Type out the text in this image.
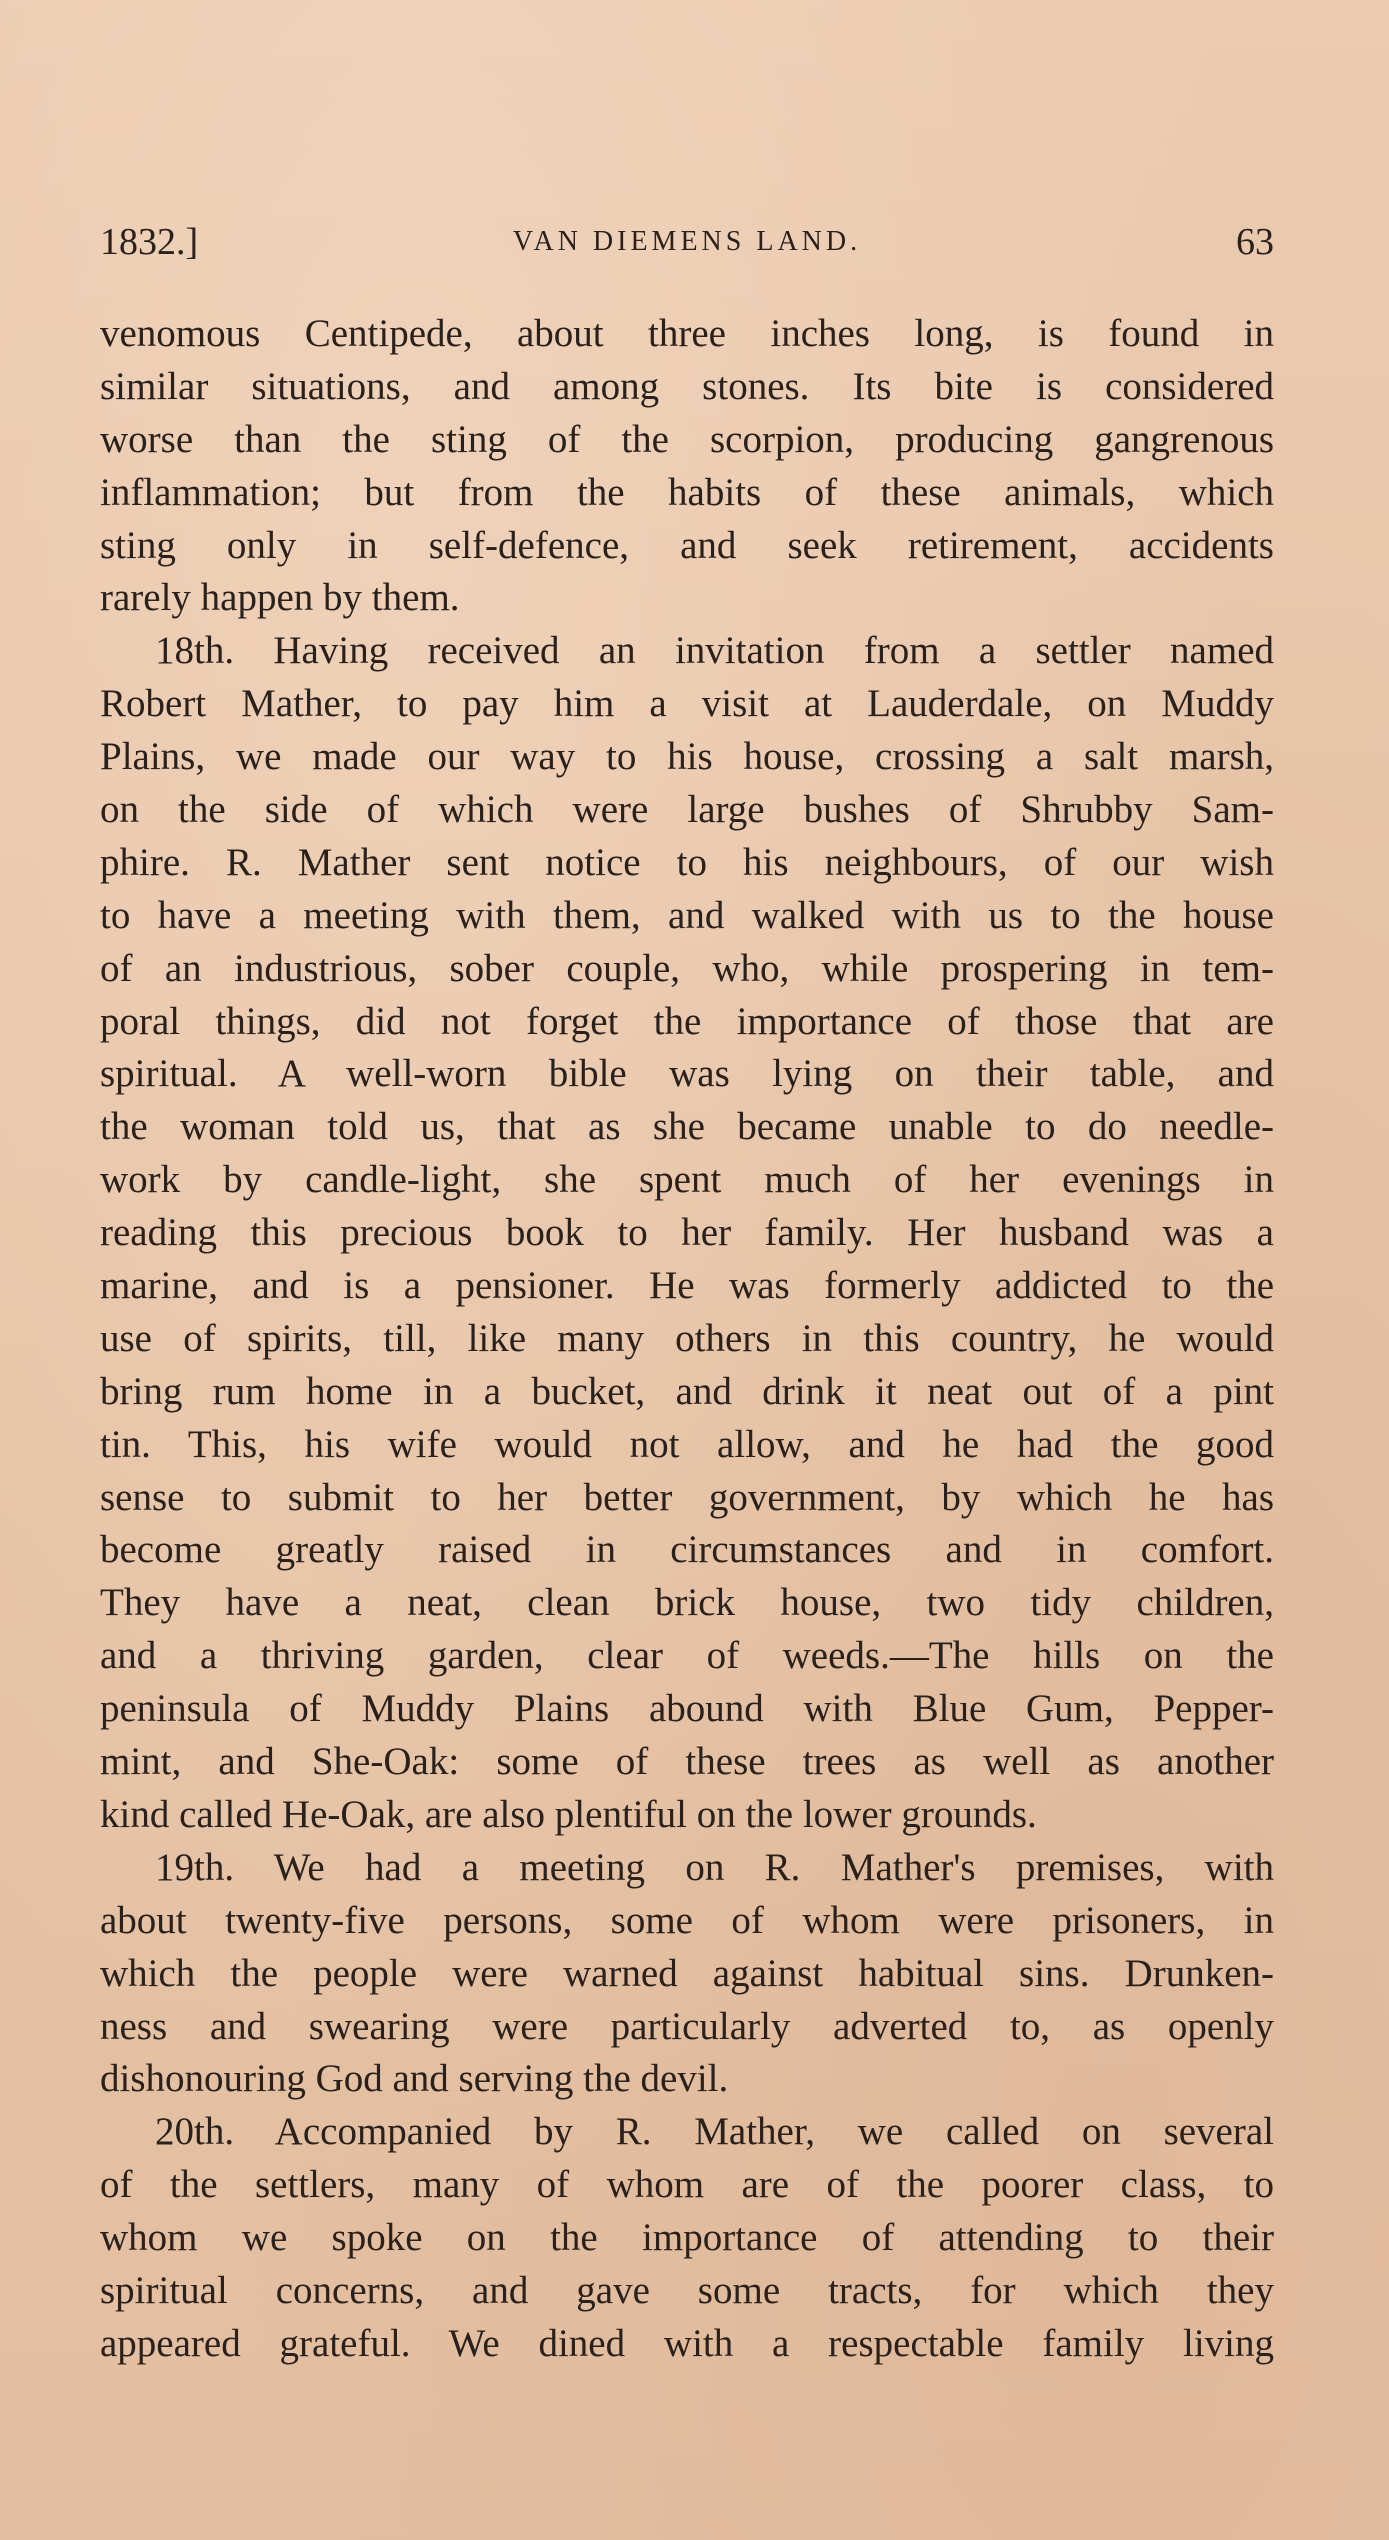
1832.]	VAN DIEMENS LAND.	63
venomous Centipede, about three inches long, is found in
similar situations, and among stones. Its bite is considered
worse than the sting of the scorpion, producing gangrenous
inflammation; but from the habits of these animals, which
sting only in self-defence, and seek retirement, accidents
rarely happen by them.
18th. Having received an invitation from a settler named
Robert Mather, to pay him a visit at Lauderdale, on Muddy
Plains, we made our way to his house, crossing a salt marsh,
on the side of which were large bushes of Shrubby Sam-
phire. R. Mather sent notice to his neighbours, of our wish
to have a meeting with them, and walked with us to the house
of an industrious, sober couple, who, while prospering in tem-
poral things, did not forget the importance of those that are
spiritual. A well-worn bible was lying on their table, and
the woman told us, that as she became unable to do needle-
work by candle-light, she spent much of her evenings in
reading this precious book to her family. Her husband was a
marine, and is a pensioner. He was formerly addicted to the
use of spirits, till, like many others in this country, he would
bring rum home in a bucket, and drink it neat out of a pint
tin. This, his wife would not allow, and he had the good
sense to submit to her better government, by which he has
become greatly raised in circumstances and in comfort.
They have a neat, clean brick house, two tidy children,
and a thriving garden, clear of weeds.—The hills on the
peninsula of Muddy Plains abound with Blue Gum, Pepper-
mint, and She-Oak: some of these trees as well as another
kind called He-Oak, are also plentiful on the lower grounds.
19th. We had a meeting on R. Mather's premises, with
about twenty-five persons, some of whom were prisoners, in
which the people were warned against habitual sins. Drunken-
ness and swearing were particularly adverted to, as openly
dishonouring God and serving the devil.
20th. Accompanied by R. Mather, we called on several
of the settlers, many of whom are of the poorer class, to
whom we spoke on the importance of attending to their
spiritual concerns, and gave some tracts, for which they
appeared grateful. We dined with a respectable family living
